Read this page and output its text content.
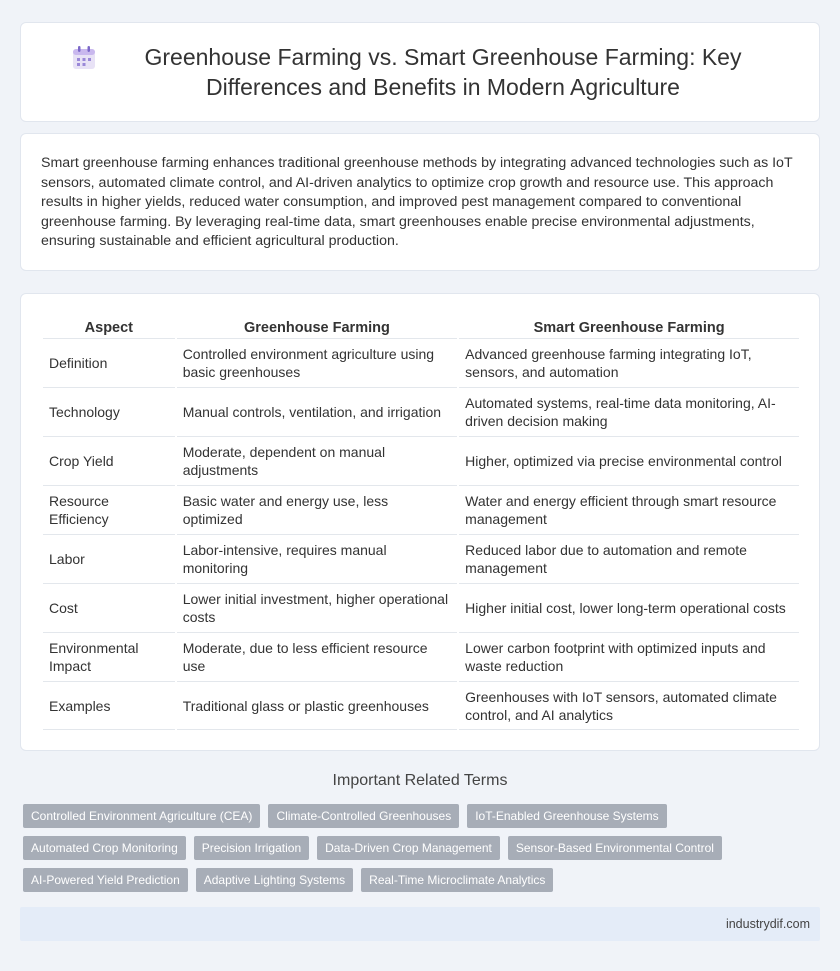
Greenhouse Farming vs. Smart Greenhouse Farming: Key Differences and Benefits in Modern Agriculture

Smart greenhouse farming enhances traditional greenhouse methods by integrating advanced technologies such as IoT sensors, automated climate control, and AI-driven analytics to optimize crop growth and resource use. This approach results in higher yields, reduced water consumption, and improved pest management compared to conventional greenhouse farming. By leveraging real-time data, smart greenhouses enable precise environmental adjustments, ensuring sustainable and efficient agricultural production.

Aspect	Greenhouse Farming	Smart Greenhouse Farming
Definition	Controlled environment agriculture using basic greenhouses	Advanced greenhouse farming integrating IoT, sensors, and automation
Technology	Manual controls, ventilation, and irrigation	Automated systems, real-time data monitoring, AI-driven decision making
Crop Yield	Moderate, dependent on manual adjustments	Higher, optimized via precise environmental control
Resource Efficiency	Basic water and energy use, less optimized	Water and energy efficient through smart resource management
Labor	Labor-intensive, requires manual monitoring	Reduced labor due to automation and remote management
Cost	Lower initial investment, higher operational costs	Higher initial cost, lower long-term operational costs
Environmental Impact	Moderate, due to less efficient resource use	Lower carbon footprint with optimized inputs and waste reduction
Examples	Traditional glass or plastic greenhouses	Greenhouses with IoT sensors, automated climate control, and AI analytics
Important Related Terms
Controlled Environment Agriculture (CEA)	Climate-Controlled Greenhouses	IoT-Enabled Greenhouse Systems
Automated Crop Monitoring	Precision Irrigation	Data-Driven Crop Management	Sensor-Based Environmental Control
AI-Powered Yield Prediction	Adaptive Lighting Systems	Real-Time Microclimate Analytics
industrydif.com
